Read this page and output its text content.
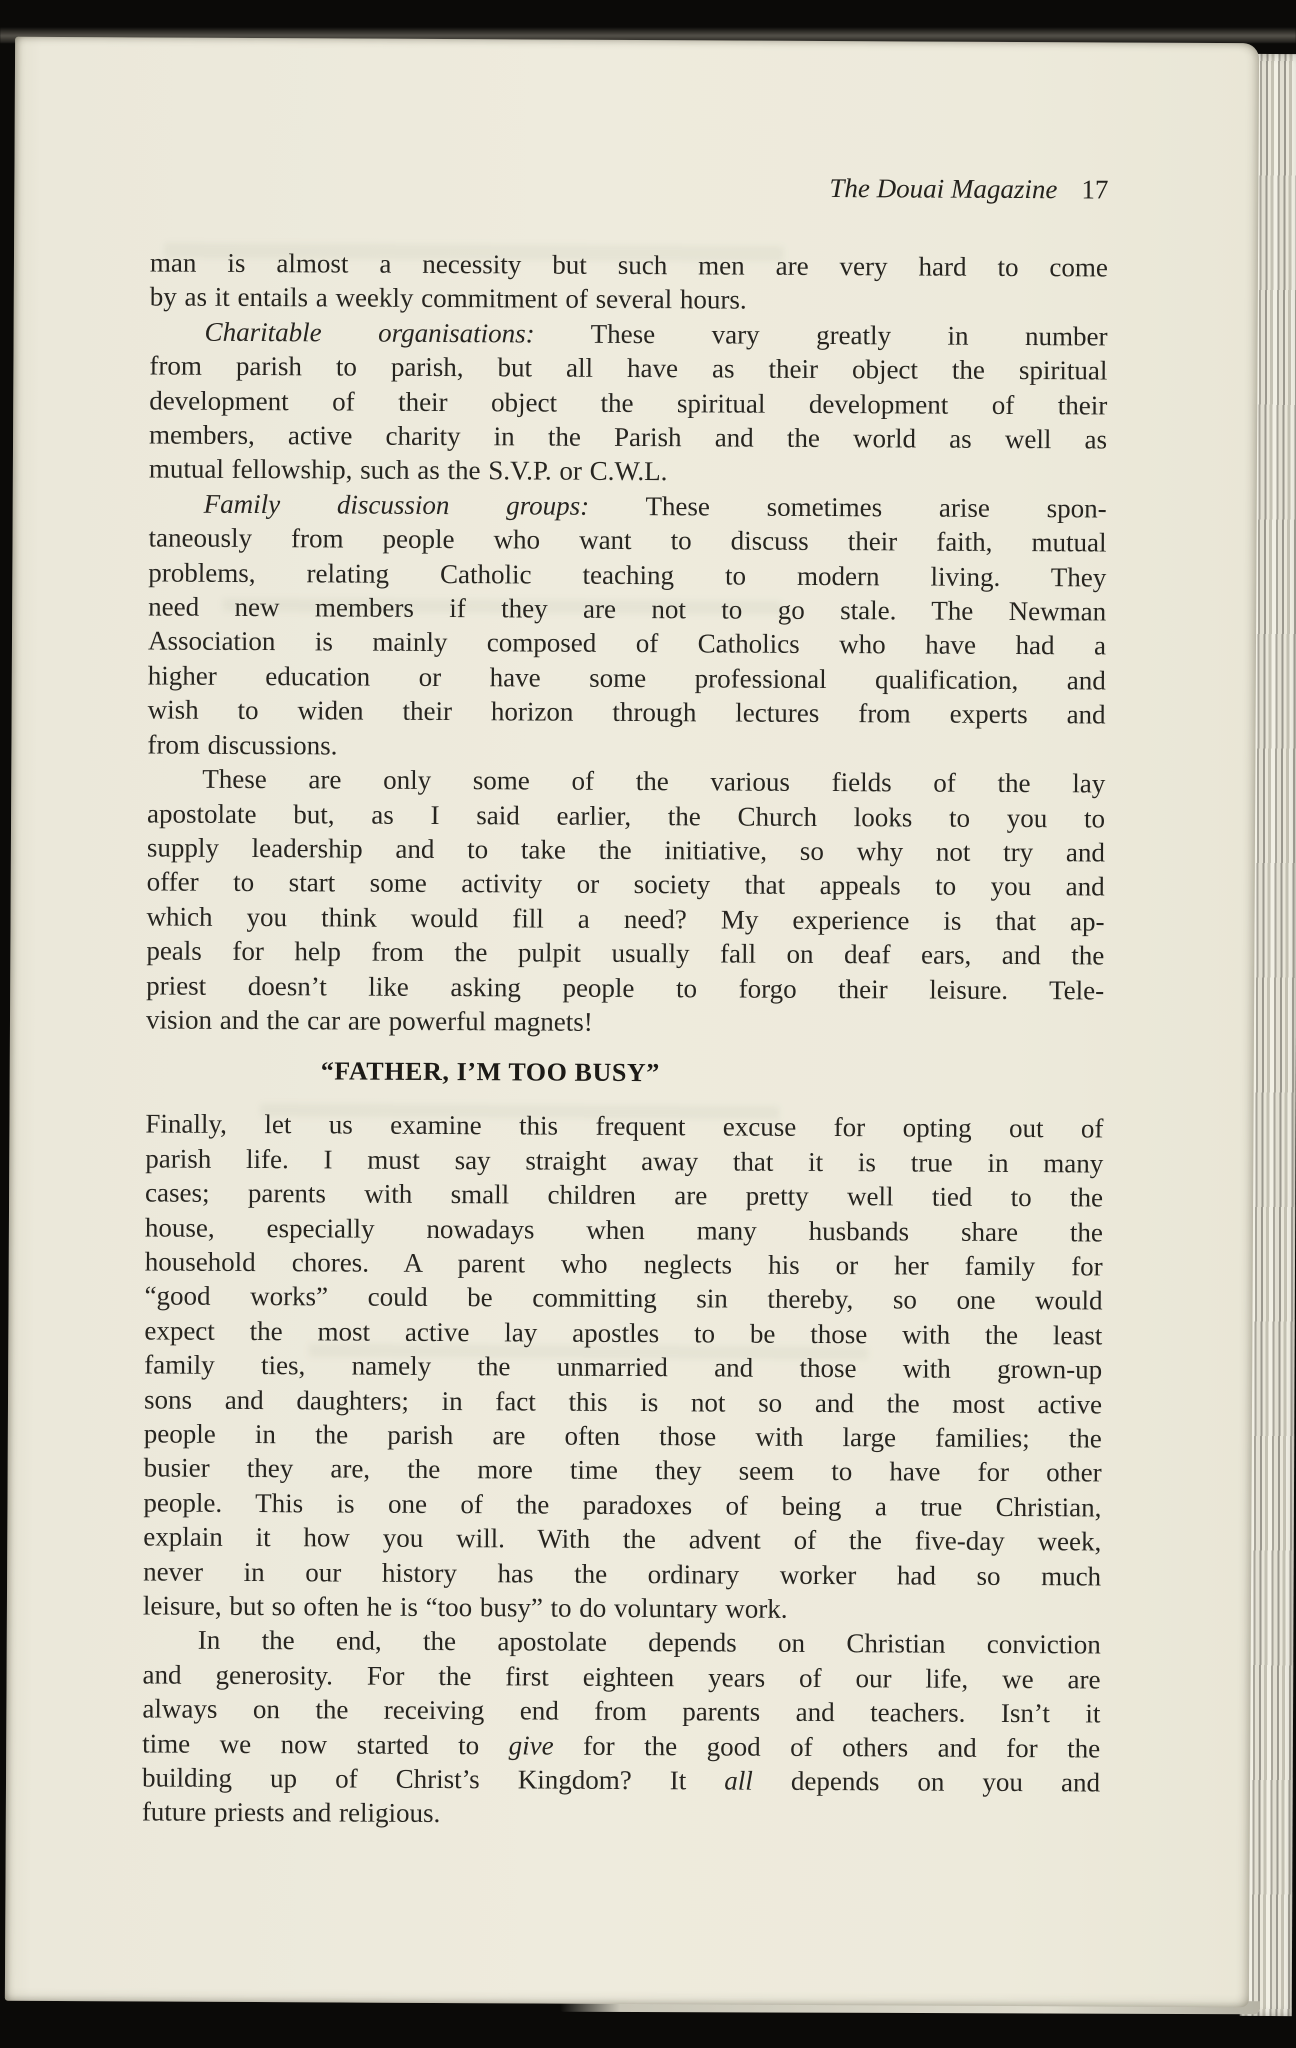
The Douai Magazine 17
man is almost a necessity but such men are very hard to come
by as it entails a weekly commitment of several hours.
Charitable organisations: These vary greatly in number
from parish to parish, but all have as their object the spiritual
development of their object the spiritual development of their
members, active charity in the Parish and the world as well as
mutual fellowship, such as the S.V.P. or C.W.L.
Family discussion groups: These sometimes arise spon-
taneously from people who want to discuss their faith, mutual
problems, relating Catholic teaching to modern living. They
need new members if they are not to go stale. The Newman
Association is mainly composed of Catholics who have had a
higher education or have some professional qualification, and
wish to widen their horizon through lectures from experts and
from discussions.
These are only some of the various fields of the lay
apostolate but, as I said earlier, the Church looks to you to
supply leadership and to take the initiative, so why not try and
offer to start some activity or society that appeals to you and
which you think would fill a need? My experience is that ap-
peals for help from the pulpit usually fall on deaf ears, and the
priest doesn’t like asking people to forgo their leisure. Tele-
vision and the car are powerful magnets!
“FATHER, I’M TOO BUSY”
Finally, let us examine this frequent excuse for opting out of
parish life. I must say straight away that it is true in many
cases; parents with small children are pretty well tied to the
house, especially nowadays when many husbands share the
household chores. A parent who neglects his or her family for
“good works” could be committing sin thereby, so one would
expect the most active lay apostles to be those with the least
family ties, namely the unmarried and those with grown-up
sons and daughters; in fact this is not so and the most active
people in the parish are often those with large families; the
busier they are, the more time they seem to have for other
people. This is one of the paradoxes of being a true Christian,
explain it how you will. With the advent of the five-day week,
never in our history has the ordinary worker had so much
leisure, but so often he is “too busy” to do voluntary work.
In the end, the apostolate depends on Christian conviction
and generosity. For the first eighteen years of our life, we are
always on the receiving end from parents and teachers. Isn’t it
time we now started to give for the good of others and for the
building up of Christ’s Kingdom? It all depends on you and
future priests and religious.
